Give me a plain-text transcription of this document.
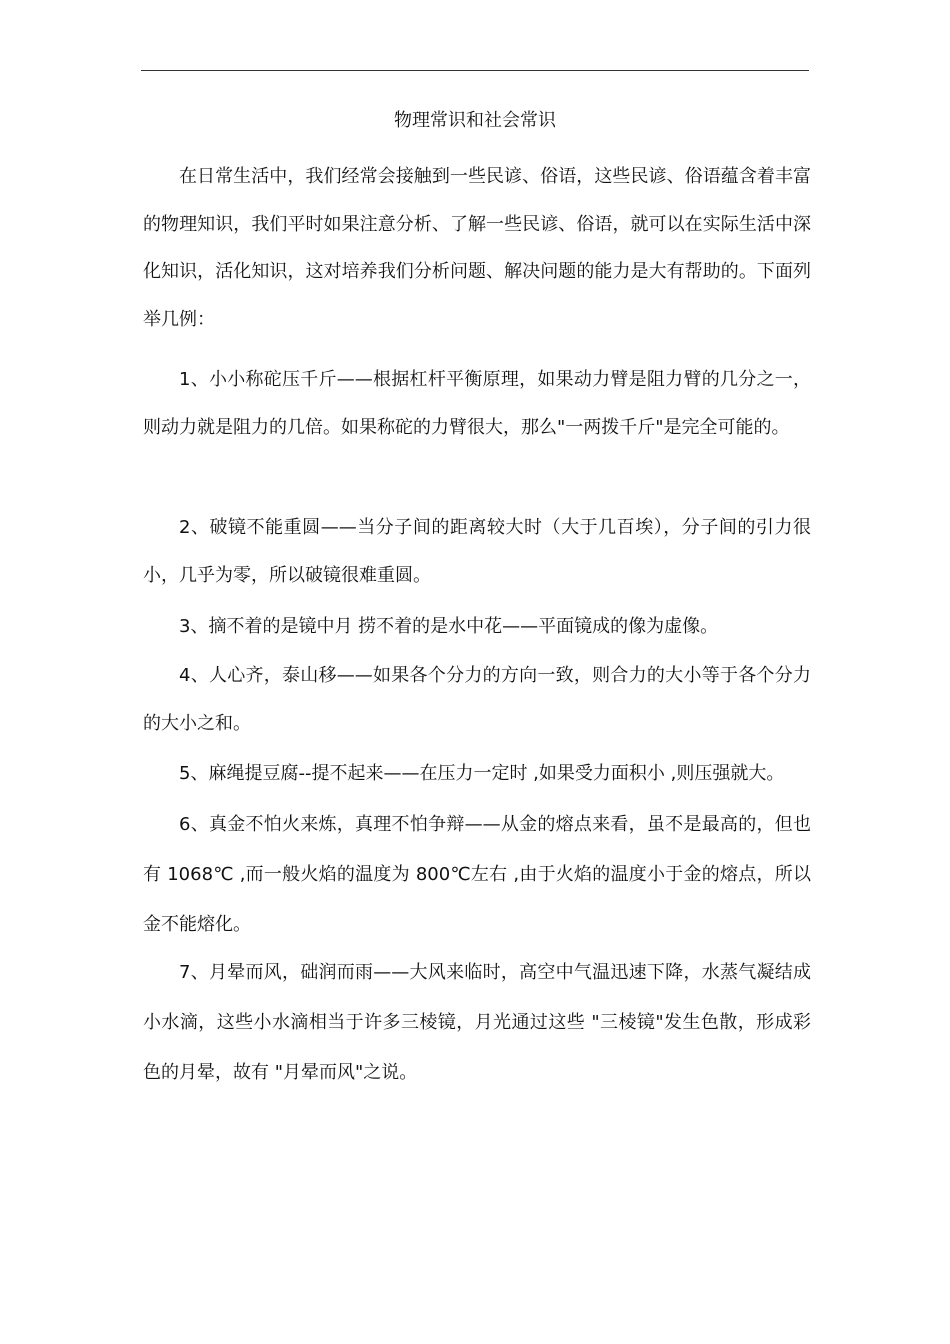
物理常识和社会常识

在日常生活中，我们经常会接触到一些民谚、俗语，这些民谚、俗语蕴含着丰富的物理知识，我们平时如果注意分析、了解一些民谚、俗语，就可以在实际生活中深化知识，活化知识，这对培养我们分析问题、解决问题的能力是大有帮助的。下面列举几例：

1、小小称砣压千斤——根据杠杆平衡原理，如果动力臂是阻力臂的几分之一，则动力就是阻力的几倍。如果称砣的力臂很大，那么"一两拨千斤"是完全可能的。

2、破镜不能重圆——当分子间的距离较大时（大于几百埃），分子间的引力很小，几乎为零，所以破镜很难重圆。

3、摘不着的是镜中月 捞不着的是水中花——平面镜成的像为虚像。

4、人心齐，泰山移——如果各个分力的方向一致，则合力的大小等于各个分力的大小之和。

5、麻绳提豆腐--提不起来——在压力一定时 ,如果受力面积小 ,则压强就大。

6、真金不怕火来炼，真理不怕争辩——从金的熔点来看，虽不是最高的，但也有 1068℃ ,而一般火焰的温度为 800℃左右 ,由于火焰的温度小于金的熔点，所以金不能熔化。

7、月晕而风，础润而雨——大风来临时，高空中气温迅速下降，水蒸气凝结成小水滴，这些小水滴相当于许多三棱镜，月光通过这些 "三棱镜"发生色散，形成彩色的月晕，故有 "月晕而风"之说。
